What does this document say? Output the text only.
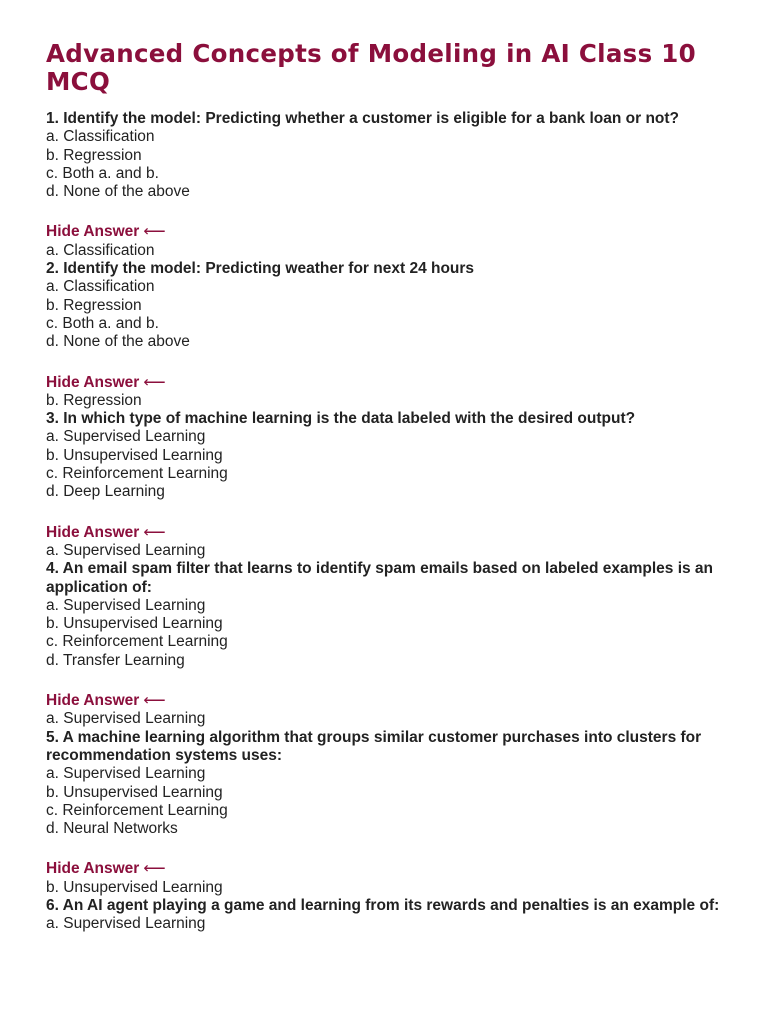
Advanced Concepts of Modeling in AI Class 10 MCQ
1. Identify the model: Predicting whether a customer is eligible for a bank loan or not?
a. Classification
b. Regression
c. Both a. and b.
d. None of the above
Hide Answer ⟵
a. Classification
2. Identify the model: Predicting weather for next 24 hours
a. Classification
b. Regression
c. Both a. and b.
d. None of the above
Hide Answer ⟵
b. Regression
3. In which type of machine learning is the data labeled with the desired output?
a. Supervised Learning
b. Unsupervised Learning
c. Reinforcement Learning
d. Deep Learning
Hide Answer ⟵
a. Supervised Learning
4. An email spam filter that learns to identify spam emails based on labeled examples is an application of:
a. Supervised Learning
b. Unsupervised Learning
c. Reinforcement Learning
d. Transfer Learning
Hide Answer ⟵
a. Supervised Learning
5. A machine learning algorithm that groups similar customer purchases into clusters for recommendation systems uses:
a. Supervised Learning
b. Unsupervised Learning
c. Reinforcement Learning
d. Neural Networks
Hide Answer ⟵
b. Unsupervised Learning
6. An AI agent playing a game and learning from its rewards and penalties is an example of:
a. Supervised Learning
